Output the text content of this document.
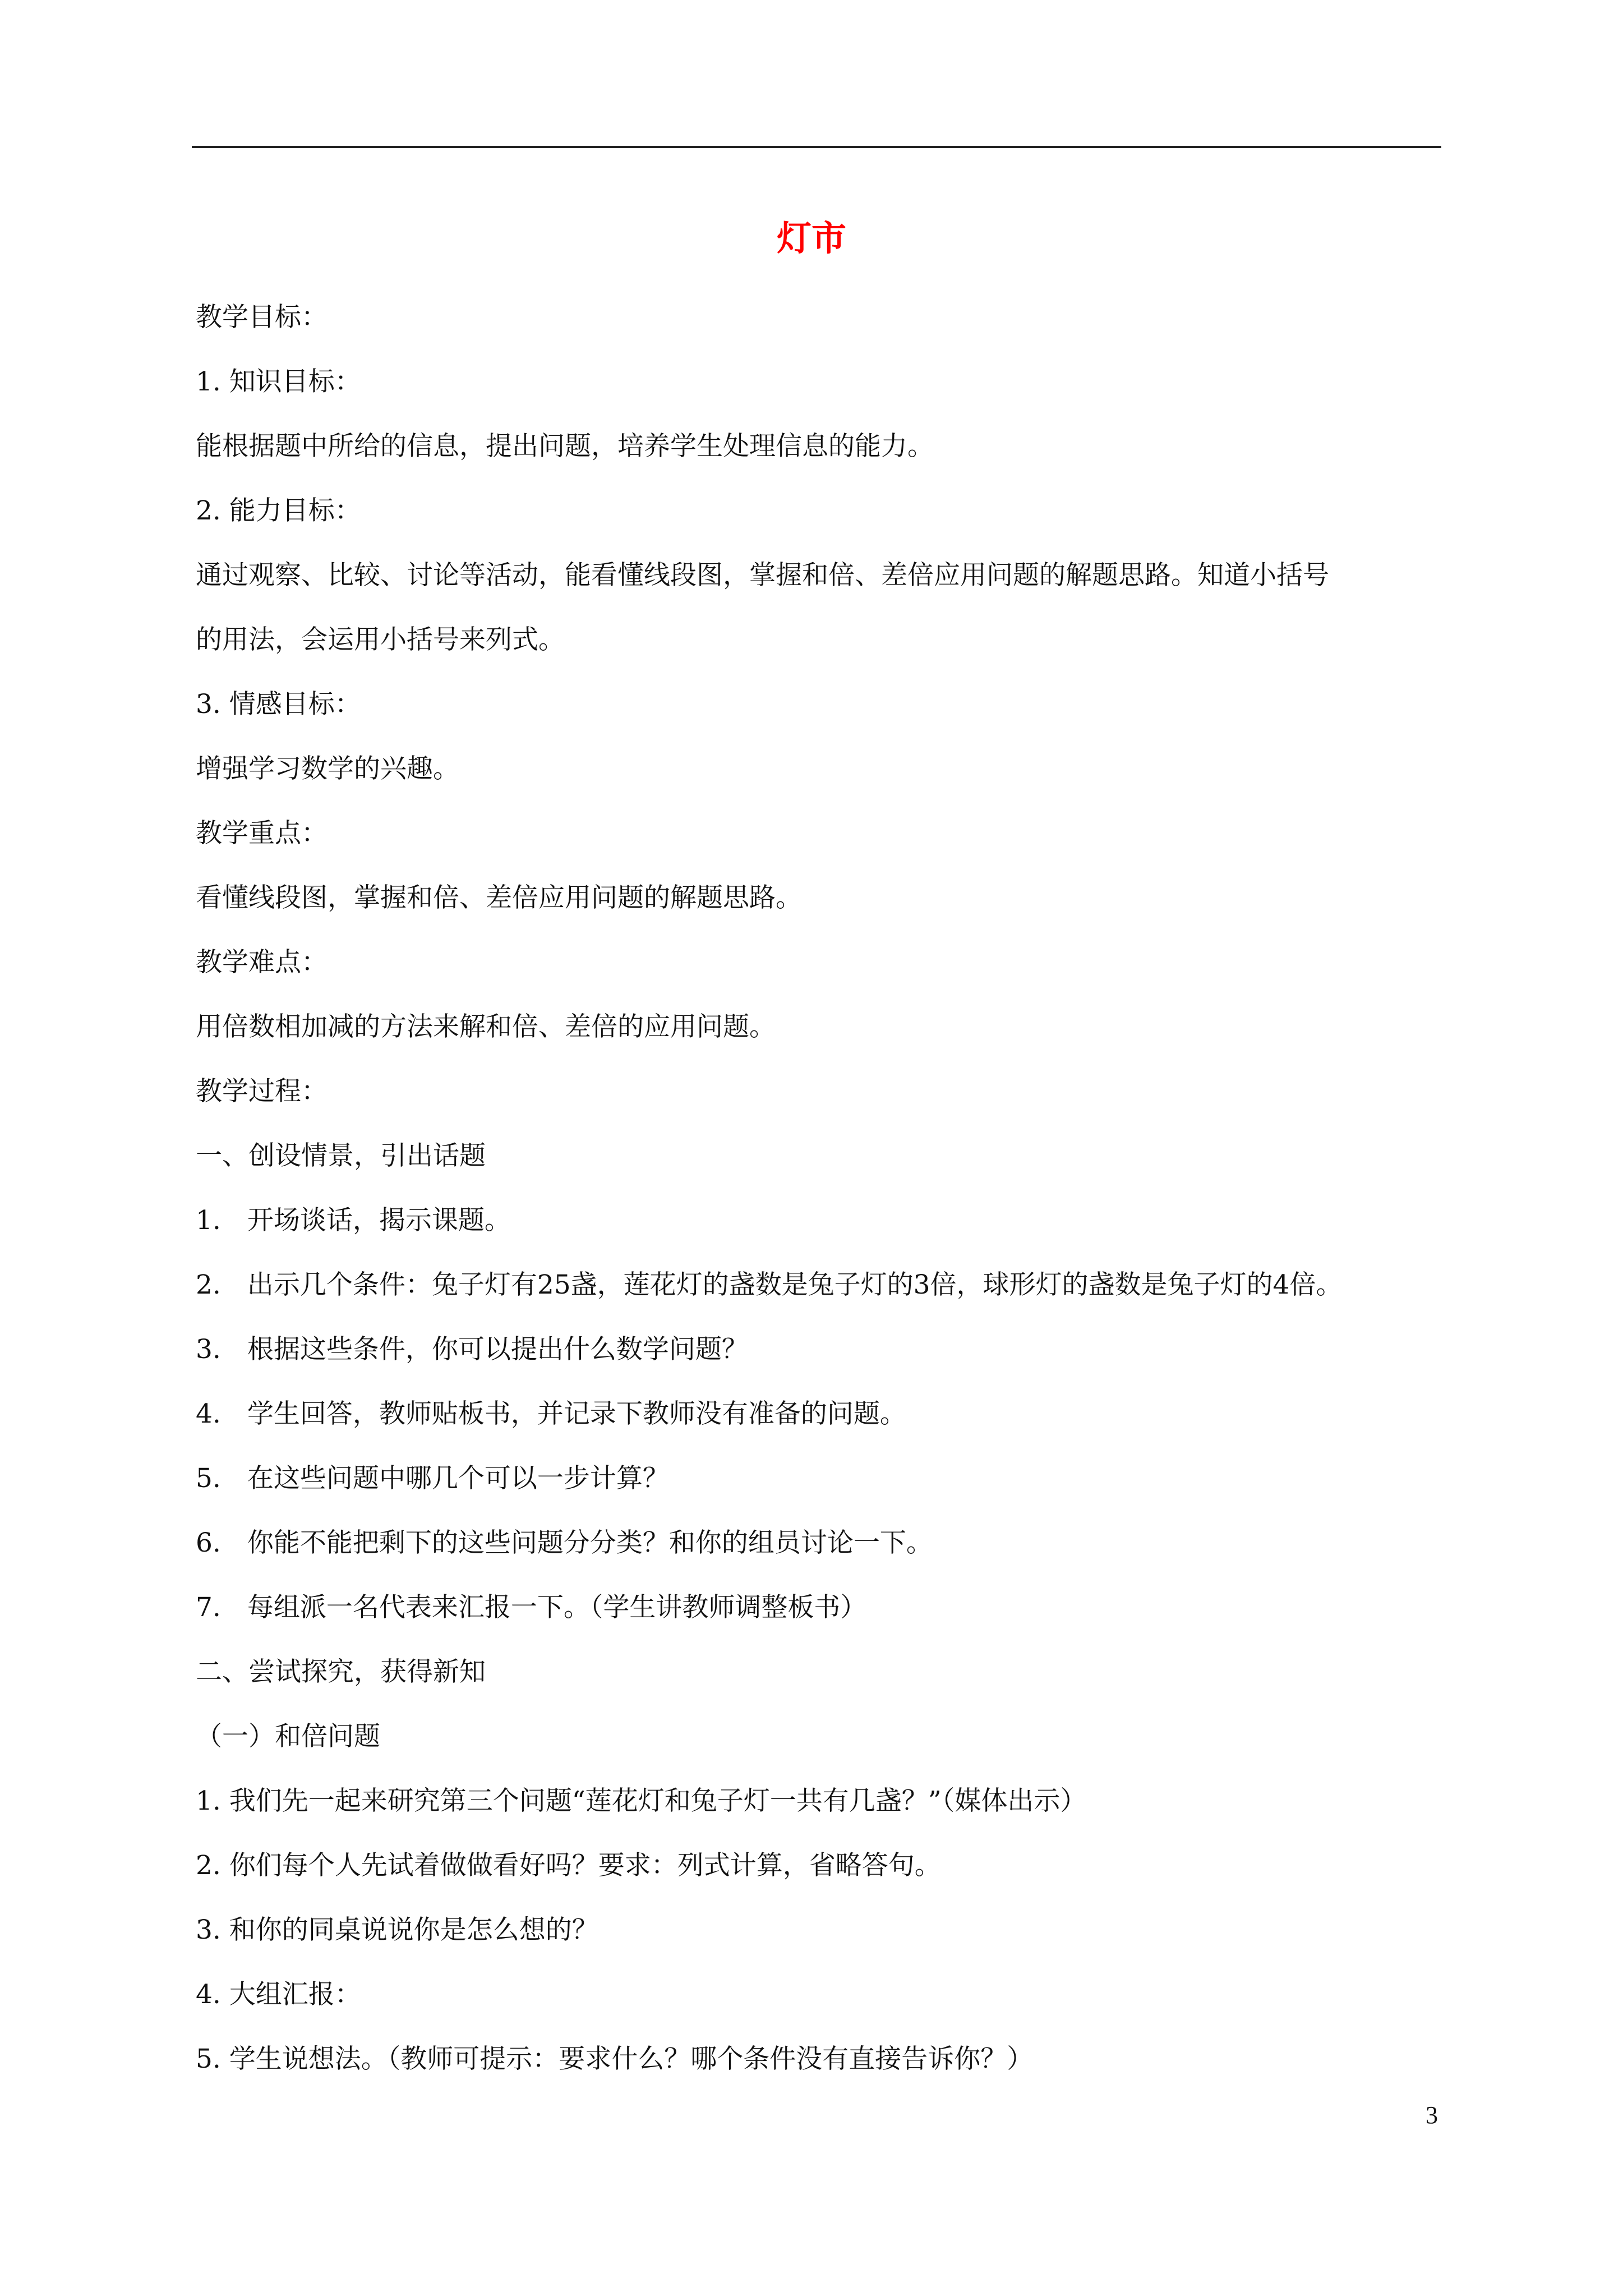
灯市
教学目标：
1. 知识目标：
能根据题中所给的信息，提出问题，培养学生处理信息的能力。
2. 能力目标：
通过观察、比较、讨论等活动，能看懂线段图，掌握和倍、差倍应用问题的解题思路。知道小括号
的用法，会运用小括号来列式。
3. 情感目标：
增强学习数学的兴趣。
教学重点：
看懂线段图，掌握和倍、差倍应用问题的解题思路。
教学难点：
用倍数相加减的方法来解和倍、差倍的应用问题。
教学过程：
一、创设情景，引出话题
1.　开场谈话，揭示课题。
2.　出示几个条件：兔子灯有25盏，莲花灯的盏数是兔子灯的3倍，球形灯的盏数是兔子灯的4倍。
3.　根据这些条件，你可以提出什么数学问题？
4.　学生回答，教师贴板书，并记录下教师没有准备的问题。
5.　在这些问题中哪几个可以一步计算？
6.　你能不能把剩下的这些问题分分类？和你的组员讨论一下。
7.　每组派一名代表来汇报一下。（学生讲教师调整板书）
二、尝试探究，获得新知
（一）和倍问题
1. 我们先一起来研究第三个问题“莲花灯和兔子灯一共有几盏？”（媒体出示）
2. 你们每个人先试着做做看好吗？要求：列式计算，省略答句。
3. 和你的同桌说说你是怎么想的？
4. 大组汇报：
5. 学生说想法。（教师可提示：要求什么？哪个条件没有直接告诉你？）
3
